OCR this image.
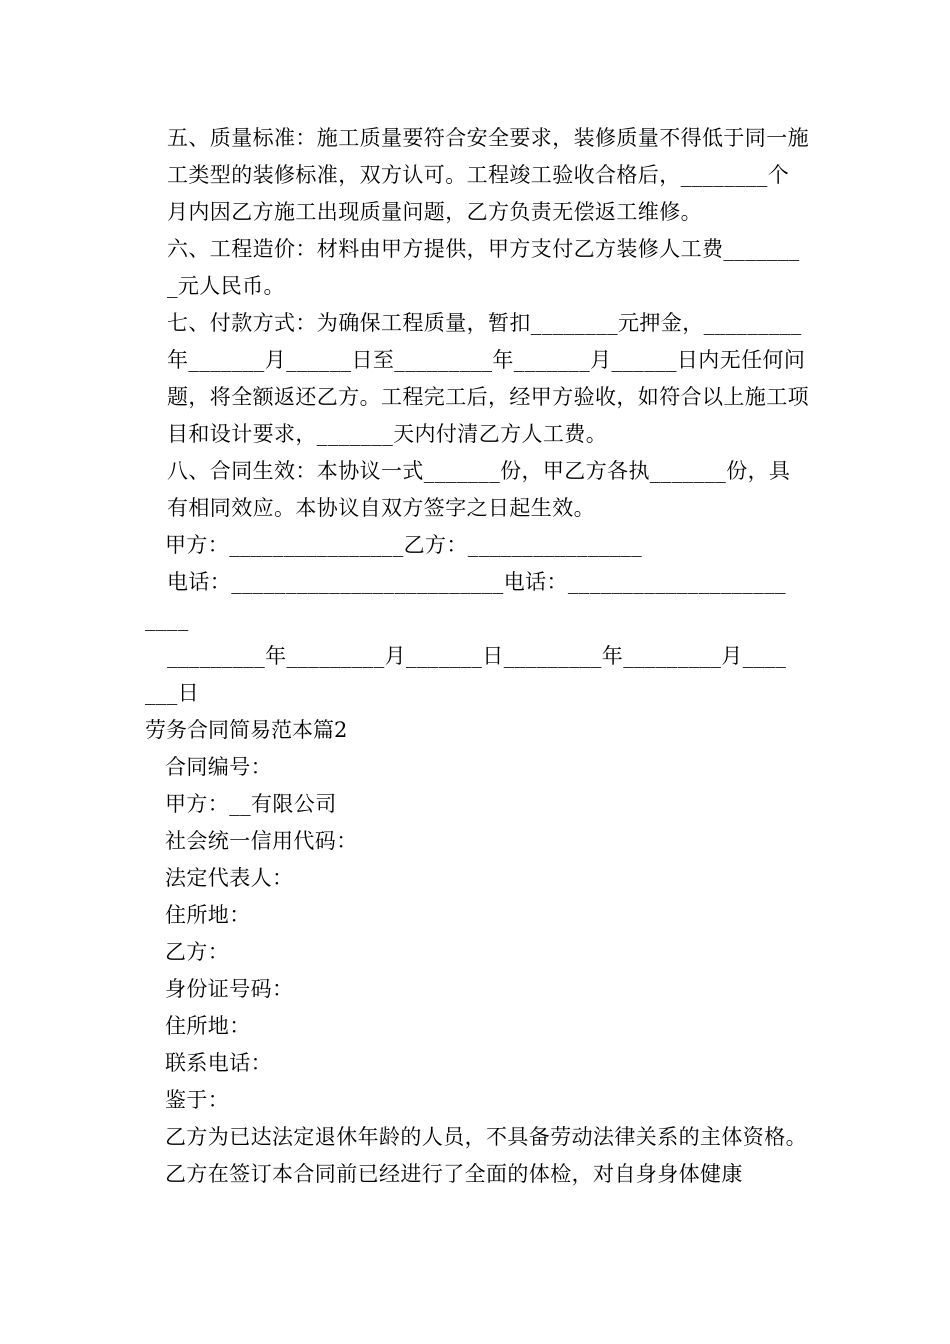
五、质量标准：施工质量要符合安全要求，装修质量不得低于同一施工类型的装修标准，双方认可。工程竣工验收合格后，________个月内因乙方施工出现质量问题，乙方负责无偿返工维修。

六、工程造价：材料由甲方提供，甲方支付乙方装修人工费________元人民币。

七、付款方式：为确保工程质量，暂扣________元押金，_________年_______月______日至_________年_______月______日内无任何问题，将全额返还乙方。工程完工后，经甲方验收，如符合以上施工项目和设计要求，_______天内付清乙方人工费。

八、合同生效：本协议一式_______份，甲乙方各执_______份，具有相同效应。本协议自双方签字之日起生效。

甲方：________________乙方：________________

电话：_________________________电话：____________________

____

_________年_________月_______日_________年_________月____

___日

劳务合同简易范本篇2

合同编号：

甲方：__有限公司

社会统一信用代码：

法定代表人：

住所地：

乙方：

身份证号码：

住所地：

联系电话：

鉴于：

乙方为已达法定退休年龄的人员，不具备劳动法律关系的主体资格。乙方在签订本合同前已经进行了全面的体检，对自身身体健康
